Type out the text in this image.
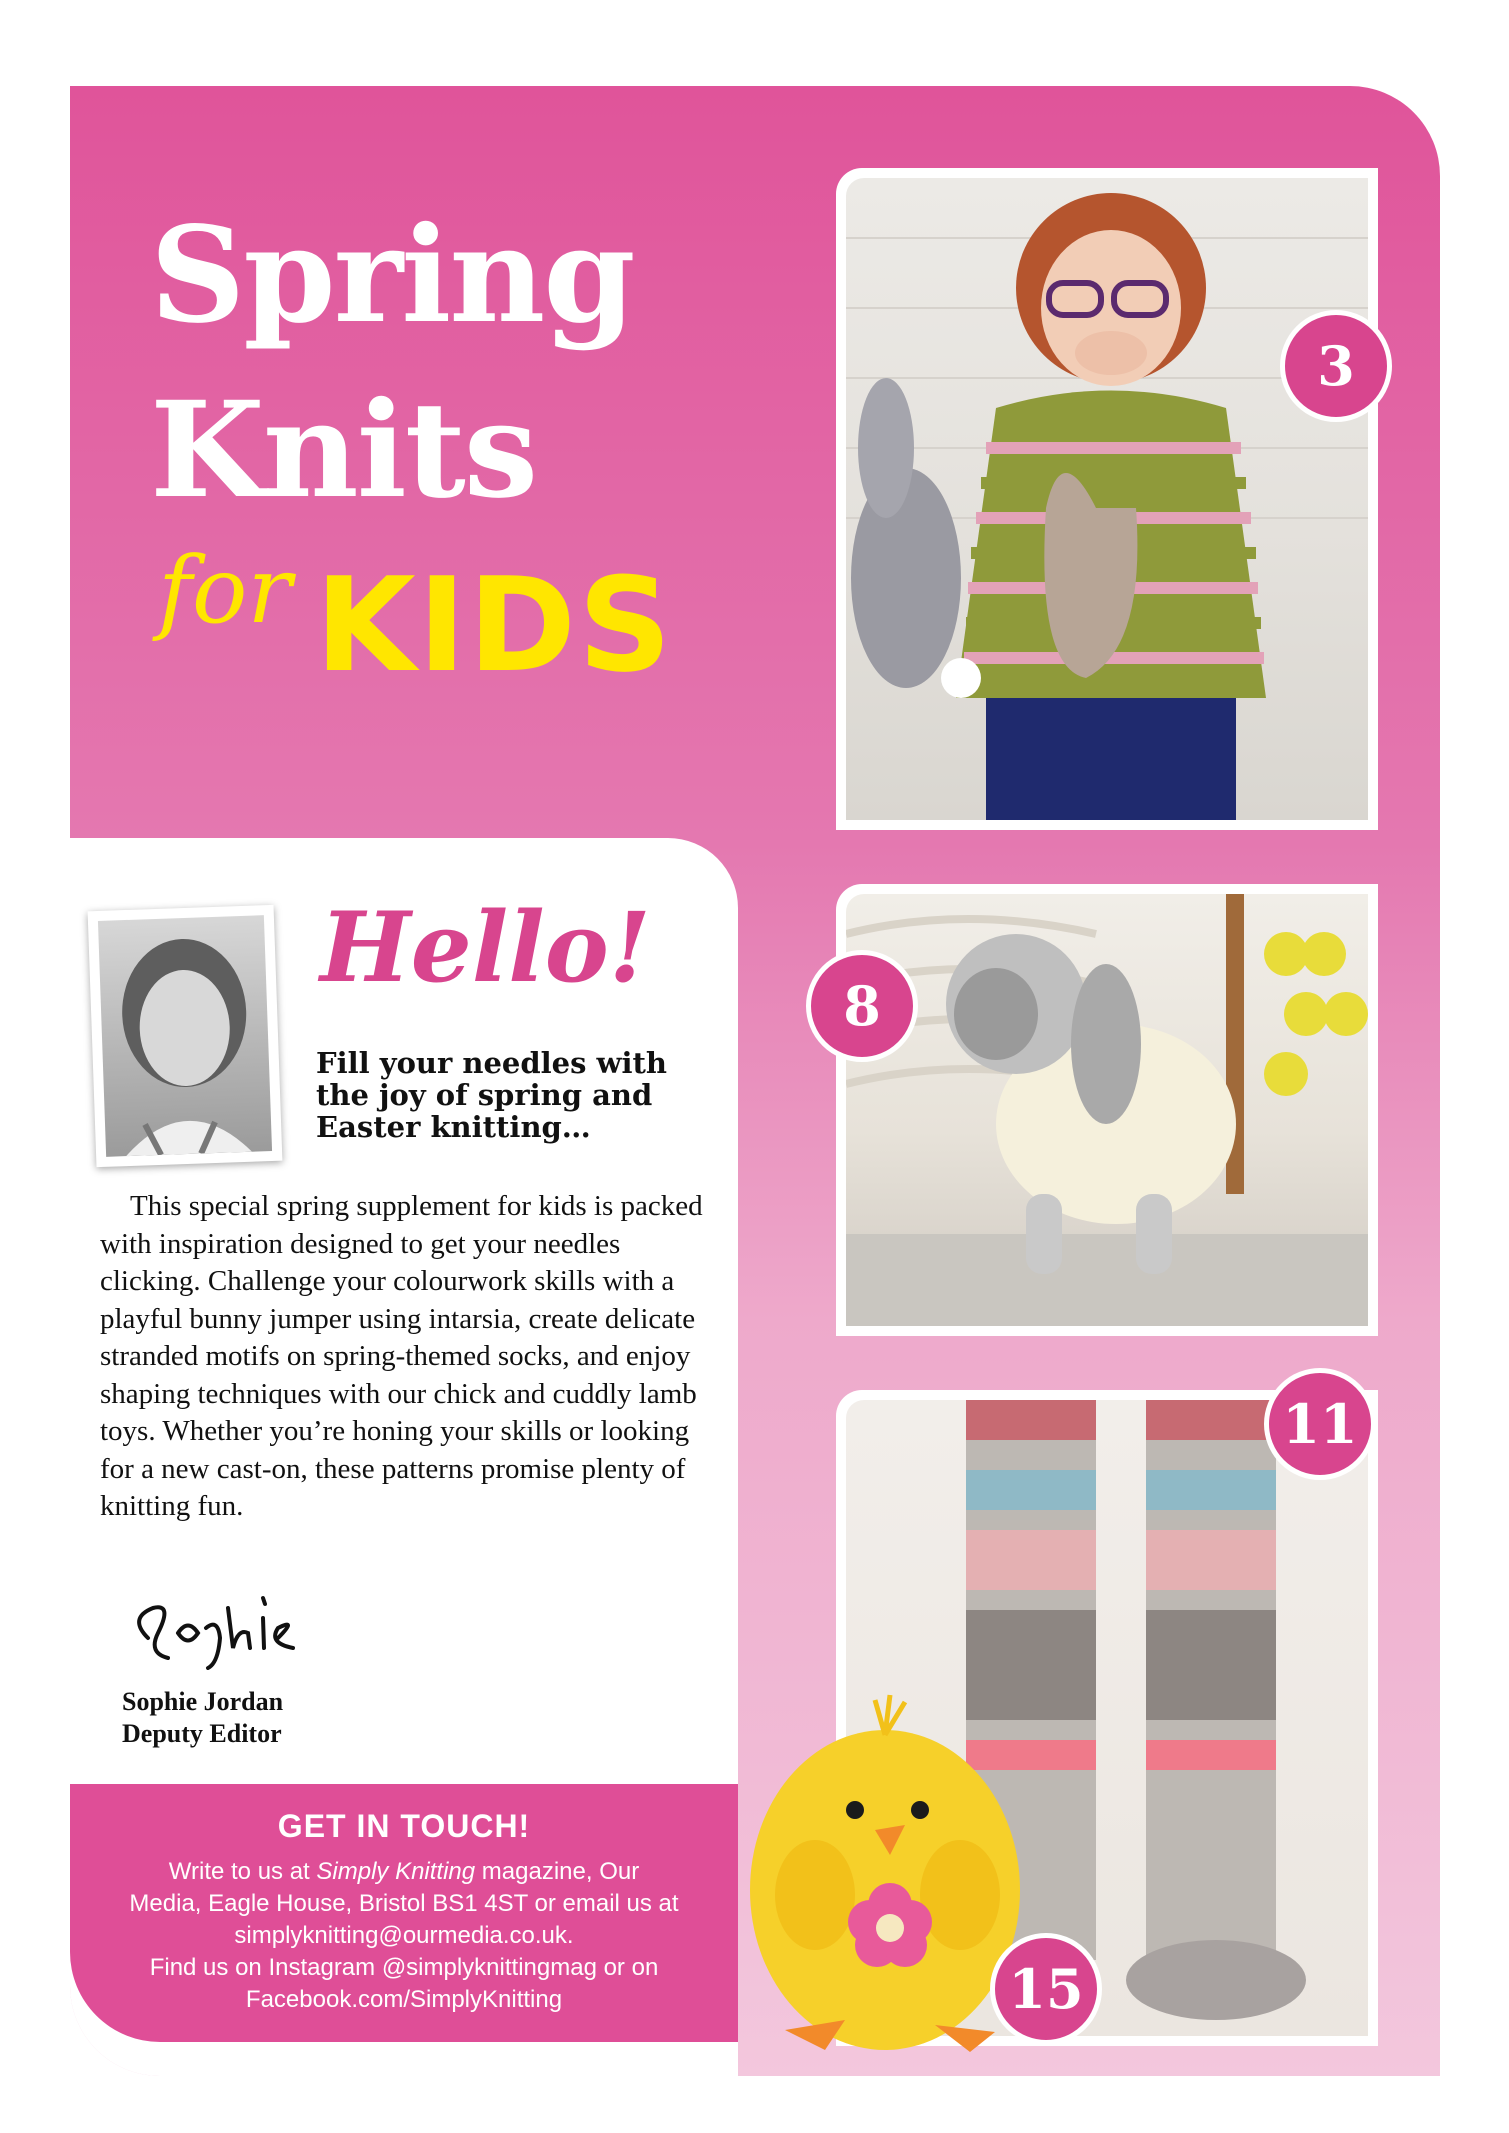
Spring
Knits
for KIDS
3
8
11
15
Hello!
Fill your needles with the joy of spring and Easter knitting…
This special spring supplement for kids is packed with inspiration designed to get your needles clicking. Challenge your colourwork skills with a playful bunny jumper using intarsia, create delicate stranded motifs on spring-themed socks, and enjoy shaping techniques with our chick and cuddly lamb toys. Whether you’re honing your skills or looking for a new cast-on, these patterns promise plenty of knitting fun.
Sophie Jordan
Deputy Editor
GET IN TOUCH!
Write to us at Simply Knitting magazine, Our
Media, Eagle House, Bristol BS1 4ST or email us at
simplyknitting@ourmedia.co.uk.
Find us on Instagram @simplyknittingmag or on
Facebook.com/SimplyKnitting
